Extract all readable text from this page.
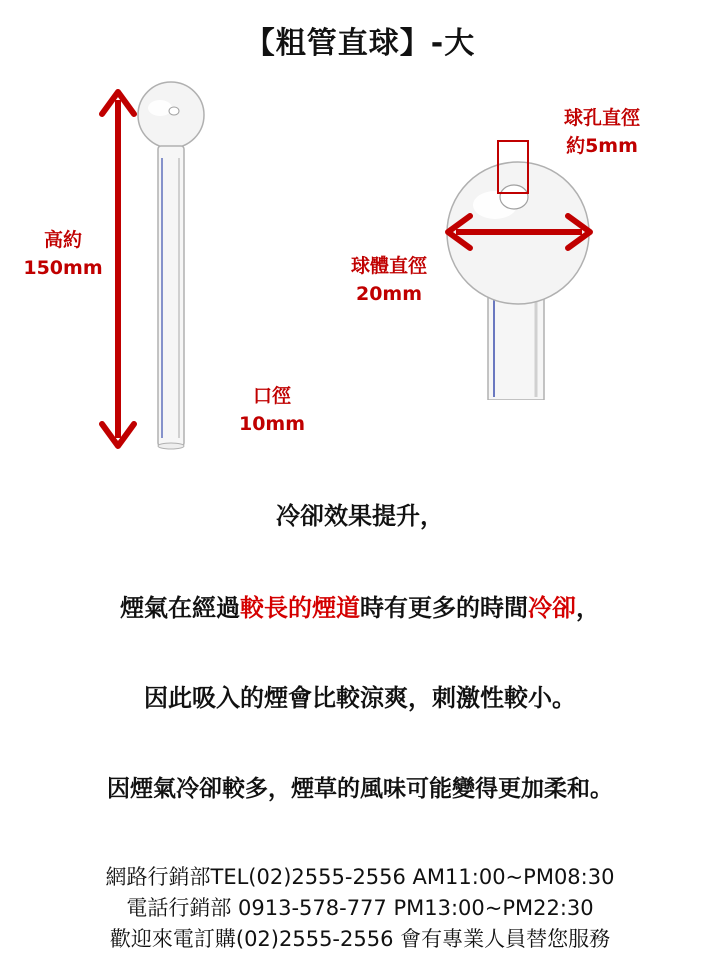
【粗管直球】-大
高約
150mm
口徑
10mm
球孔直徑
約5mm
球體直徑
20mm
冷卻效果提升，
煙氣在經過較長的煙道時有更多的時間冷卻，
因此吸入的煙會比較涼爽，刺激性較小。
因煙氣冷卻較多，煙草的風味可能變得更加柔和。
網路行銷部TEL(02)2555-2556 AM11:00~PM08:30
電話行銷部 0913-578-777 PM13:00~PM22:30
歡迎來電訂購(02)2555-2556 會有專業人員替您服務
